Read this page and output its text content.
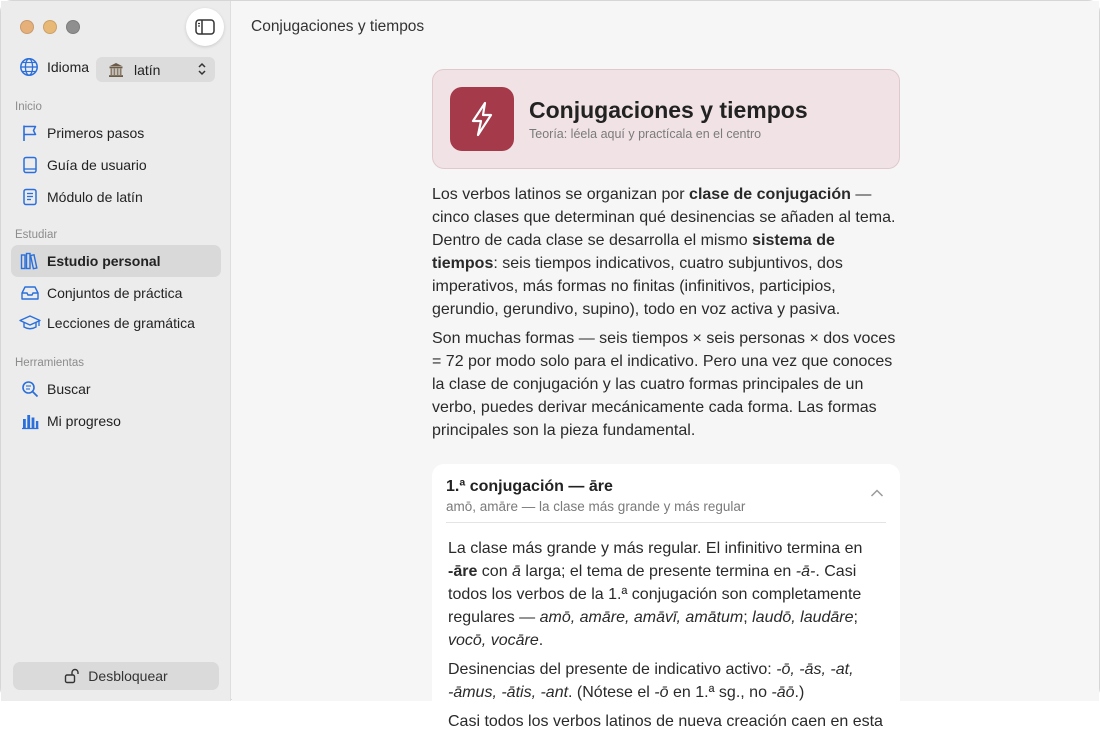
Idioma	latín
Inicio
Primeros pasos
Guía de usuario
Módulo de latín
Estudiar
Estudio personal
Conjuntos de práctica
Lecciones de gramática
Herramientas
Buscar
Mi progreso
Desbloquear
Conjugaciones y tiempos
Conjugaciones y tiempos
Teoría: léela aquí y practícala en el centro

Los verbos latinos se organizan por clase de conjugación — cinco clases que determinan qué desinencias se añaden al tema. Dentro de cada clase se desarrolla el mismo sistema de tiempos: seis tiempos indicativos, cuatro subjuntivos, dos imperativos, más formas no finitas (infinitivos, participios, gerundio, gerundivo, supino), todo en voz activa y pasiva.

Son muchas formas — seis tiempos × seis personas × dos voces = 72 por modo solo para el indicativo. Pero una vez que conoces la clase de conjugación y las cuatro formas principales de un verbo, puedes derivar mecánicamente cada forma. Las formas principales son la pieza fundamental.

1.ª conjugación — āre
amō, amāre — la clase más grande y más regular

La clase más grande y más regular. El infinitivo termina en -āre con ā larga; el tema de presente termina en -ā-. Casi todos los verbos de la 1.ª conjugación son completamente regulares — amō, amāre, amāvī, amātum; laudō, laudāre; vocō, vocāre.

Desinencias del presente de indicativo activo: -ō, -ās, -at, -āmus, -ātis, -ant. (Nótese el -ō en 1.ª sg., no -āō.)

Casi todos los verbos latinos de nueva creación caen en esta
